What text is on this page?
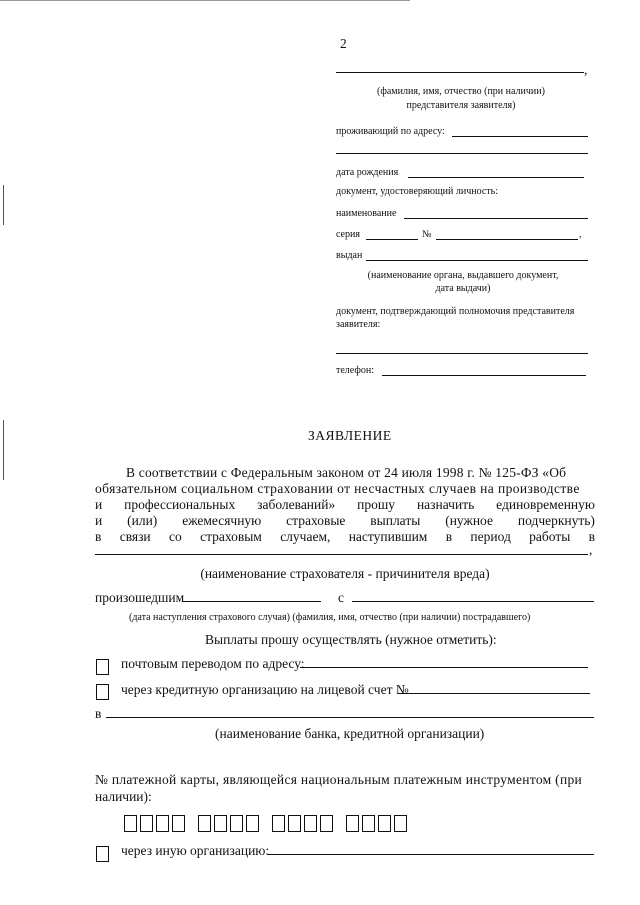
2
,
(фамилия, имя, отчество (при наличии)
представителя заявителя)
проживающий по адресу:
дата рождения
документ, удостоверяющий личность:
наименование
серия	№	,
выдан
(наименование органа, выдавшего документ,
дата выдачи)
документ, подтверждающий полномочия представителя
заявителя:
телефон:
ЗАЯВЛЕНИЕ
В соответствии с Федеральным законом от 24 июля 1998 г. № 125-ФЗ «Об
обязательном социальном страховании от несчастных случаев на производстве
и профессиональных заболеваний» прошу назначить единовременную
и (или) ежемесячную страховые выплаты (нужное подчеркнуть)
в связи со страховым случаем, наступившим в период работы в
,
(наименование страхователя - причинителя вреда)
произошедшим	с
(дата наступления страхового случая) (фамилия, имя, отчество (при наличии) пострадавшего)
Выплаты прошу осуществлять (нужное отметить):
почтовым переводом по адресу:
через кредитную организацию на лицевой счет №
в
(наименование банка, кредитной организации)
№ платежной карты, являющейся национальным платежным инструментом (при
наличии):
через иную организацию:
